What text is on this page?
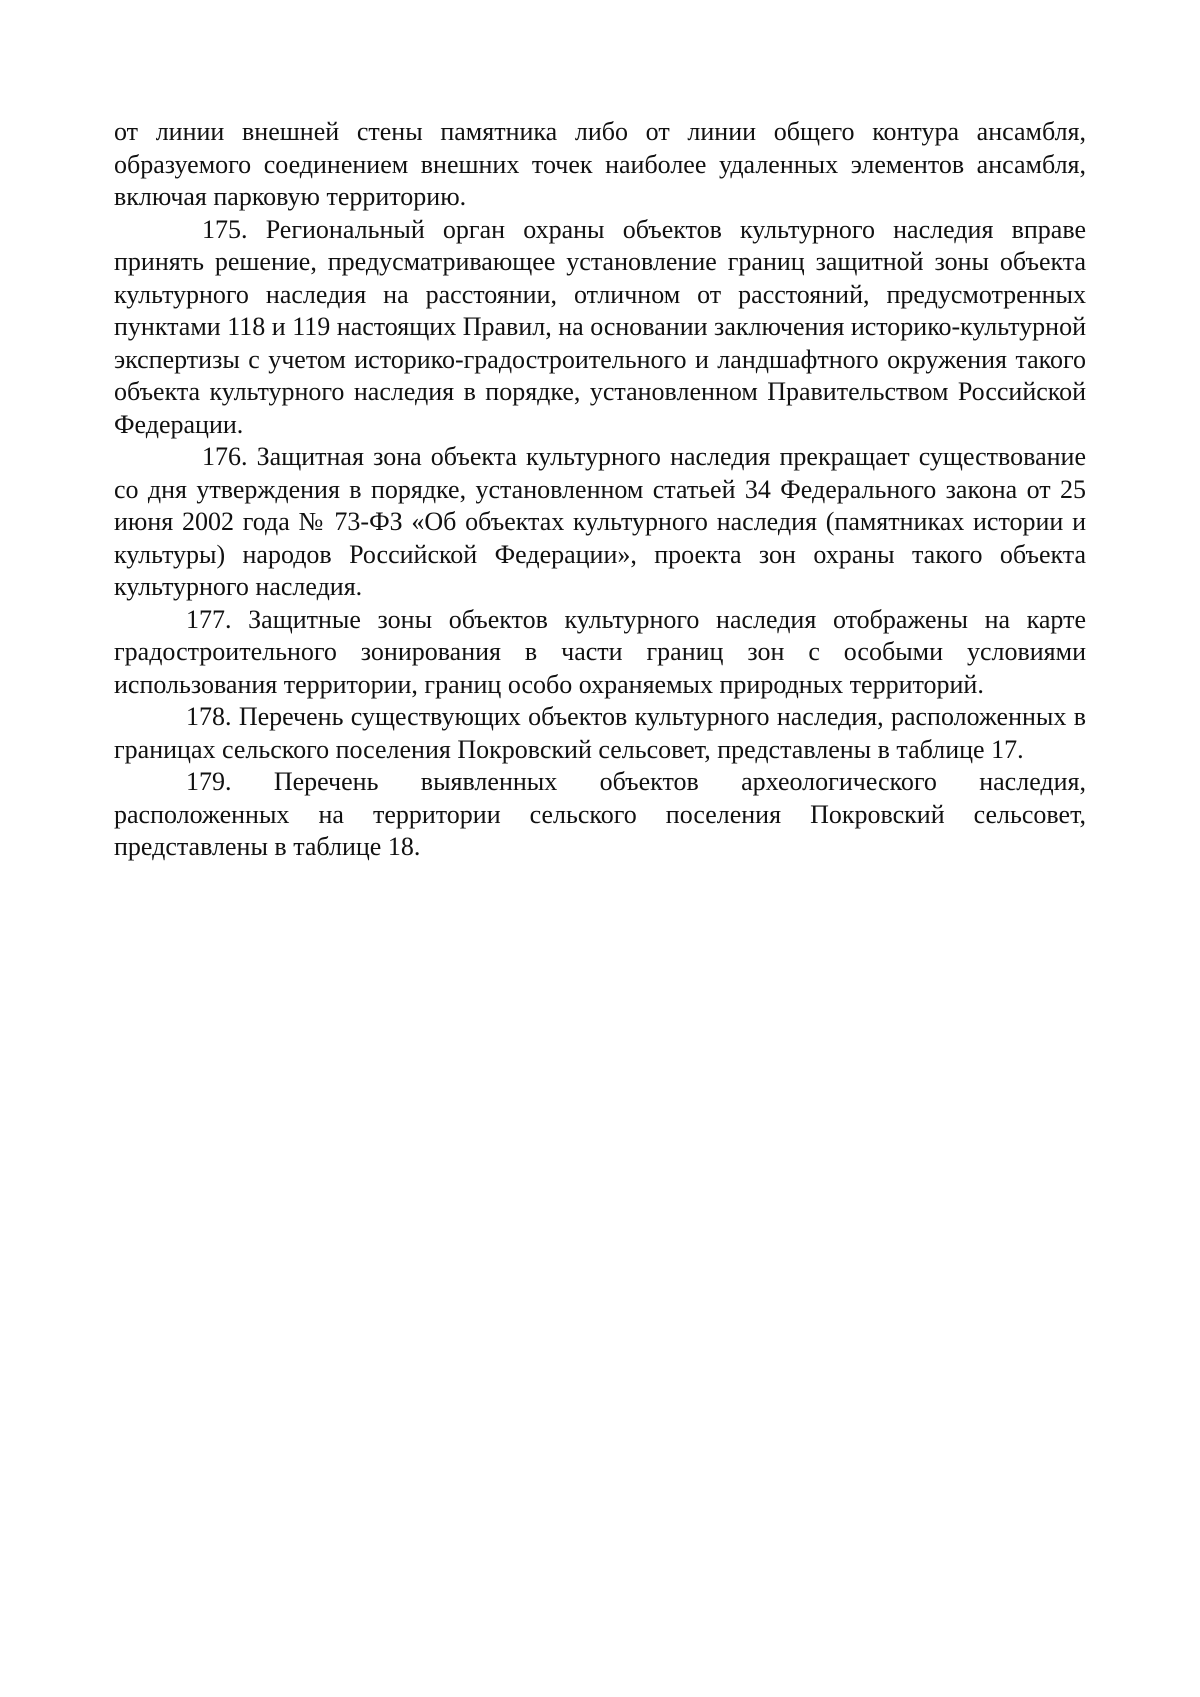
от линии внешней стены памятника либо от линии общего контура ансамбля, образуемого соединением внешних точек наиболее удаленных элементов ансамбля, включая парковую территорию.

175. Региональный орган охраны объектов культурного наследия вправе принять решение, предусматривающее установление границ защитной зоны объекта культурного наследия на расстоянии, отличном от расстояний, предусмотренных пунктами 118 и 119 настоящих Правил, на основании заключения историко-культурной экспертизы с учетом историко-градостроительного и ландшафтного окружения такого объекта культурного наследия в порядке, установленном Правительством Российской Федерации.

176. Защитная зона объекта культурного наследия прекращает существование со дня утверждения в порядке, установленном статьей 34 Федерального закона от 25 июня 2002 года № 73-ФЗ «Об объектах культурного наследия (памятниках истории и культуры) народов Российской Федерации», проекта зон охраны такого объекта культурного наследия.

177. Защитные зоны объектов культурного наследия отображены на карте градостроительного зонирования в части границ зон с особыми условиями использования территории, границ особо охраняемых природных территорий.

178. Перечень существующих объектов культурного наследия, расположенных в границах сельского поселения Покровский сельсовет, представлены в таблице 17.

179. Перечень выявленных объектов археологического наследия, расположенных на территории сельского поселения Покровский сельсовет, представлены в таблице 18.
